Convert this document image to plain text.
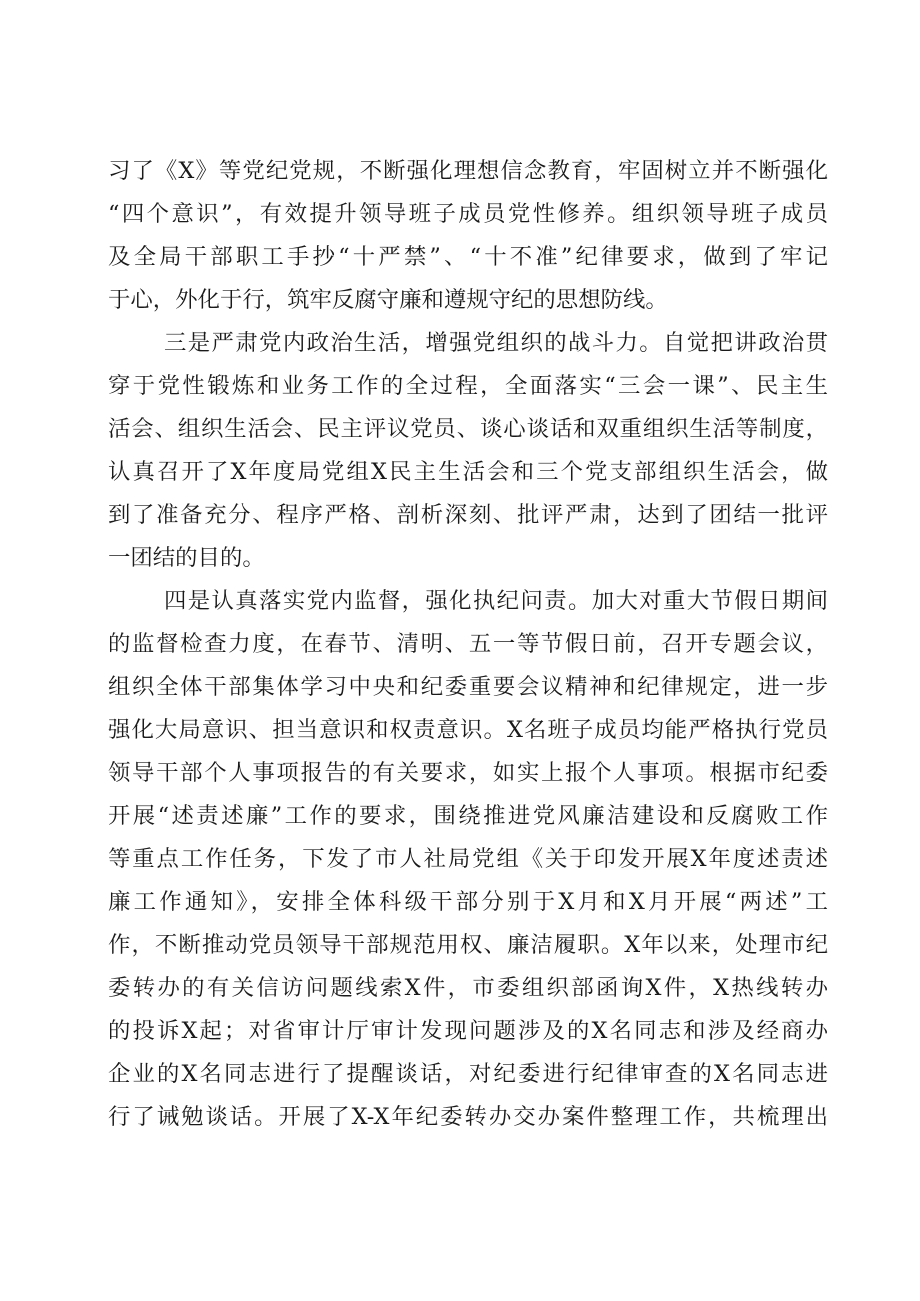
习了《X》等党纪党规，不断强化理想信念教育，牢固树立并不断强化
“四个意识”，有效提升领导班子成员党性修养。组织领导班子成员
及全局干部职工手抄“十严禁”、“十不准”纪律要求，做到了牢记
于心，外化于行，筑牢反腐守廉和遵规守纪的思想防线。
三是严肃党内政治生活，增强党组织的战斗力。自觉把讲政治贯
穿于党性锻炼和业务工作的全过程，全面落实“三会一课”、民主生
活会、组织生活会、民主评议党员、谈心谈话和双重组织生活等制度，
认真召开了X年度局党组X民主生活会和三个党支部组织生活会，做
到了准备充分、程序严格、剖析深刻、批评严肃，达到了团结一批评
一团结的目的。
四是认真落实党内监督，强化执纪问责。加大对重大节假日期间
的监督检查力度，在春节、清明、五一等节假日前，召开专题会议，
组织全体干部集体学习中央和纪委重要会议精神和纪律规定，进一步
强化大局意识、担当意识和权责意识。X名班子成员均能严格执行党员
领导干部个人事项报告的有关要求，如实上报个人事项。根据市纪委
开展“述责述廉”工作的要求，围绕推进党风廉洁建设和反腐败工作
等重点工作任务，下发了市人社局党组《关于印发开展X年度述责述
廉工作通知》，安排全体科级干部分别于X月和X月开展“两述”工
作，不断推动党员领导干部规范用权、廉洁履职。X年以来，处理市纪
委转办的有关信访问题线索X件，市委组织部函询X件，X热线转办
的投诉X起；对省审计厅审计发现问题涉及的X名同志和涉及经商办
企业的X名同志进行了提醒谈话，对纪委进行纪律审查的X名同志进
行了诫勉谈话。开展了X-X年纪委转办交办案件整理工作，共梳理出
